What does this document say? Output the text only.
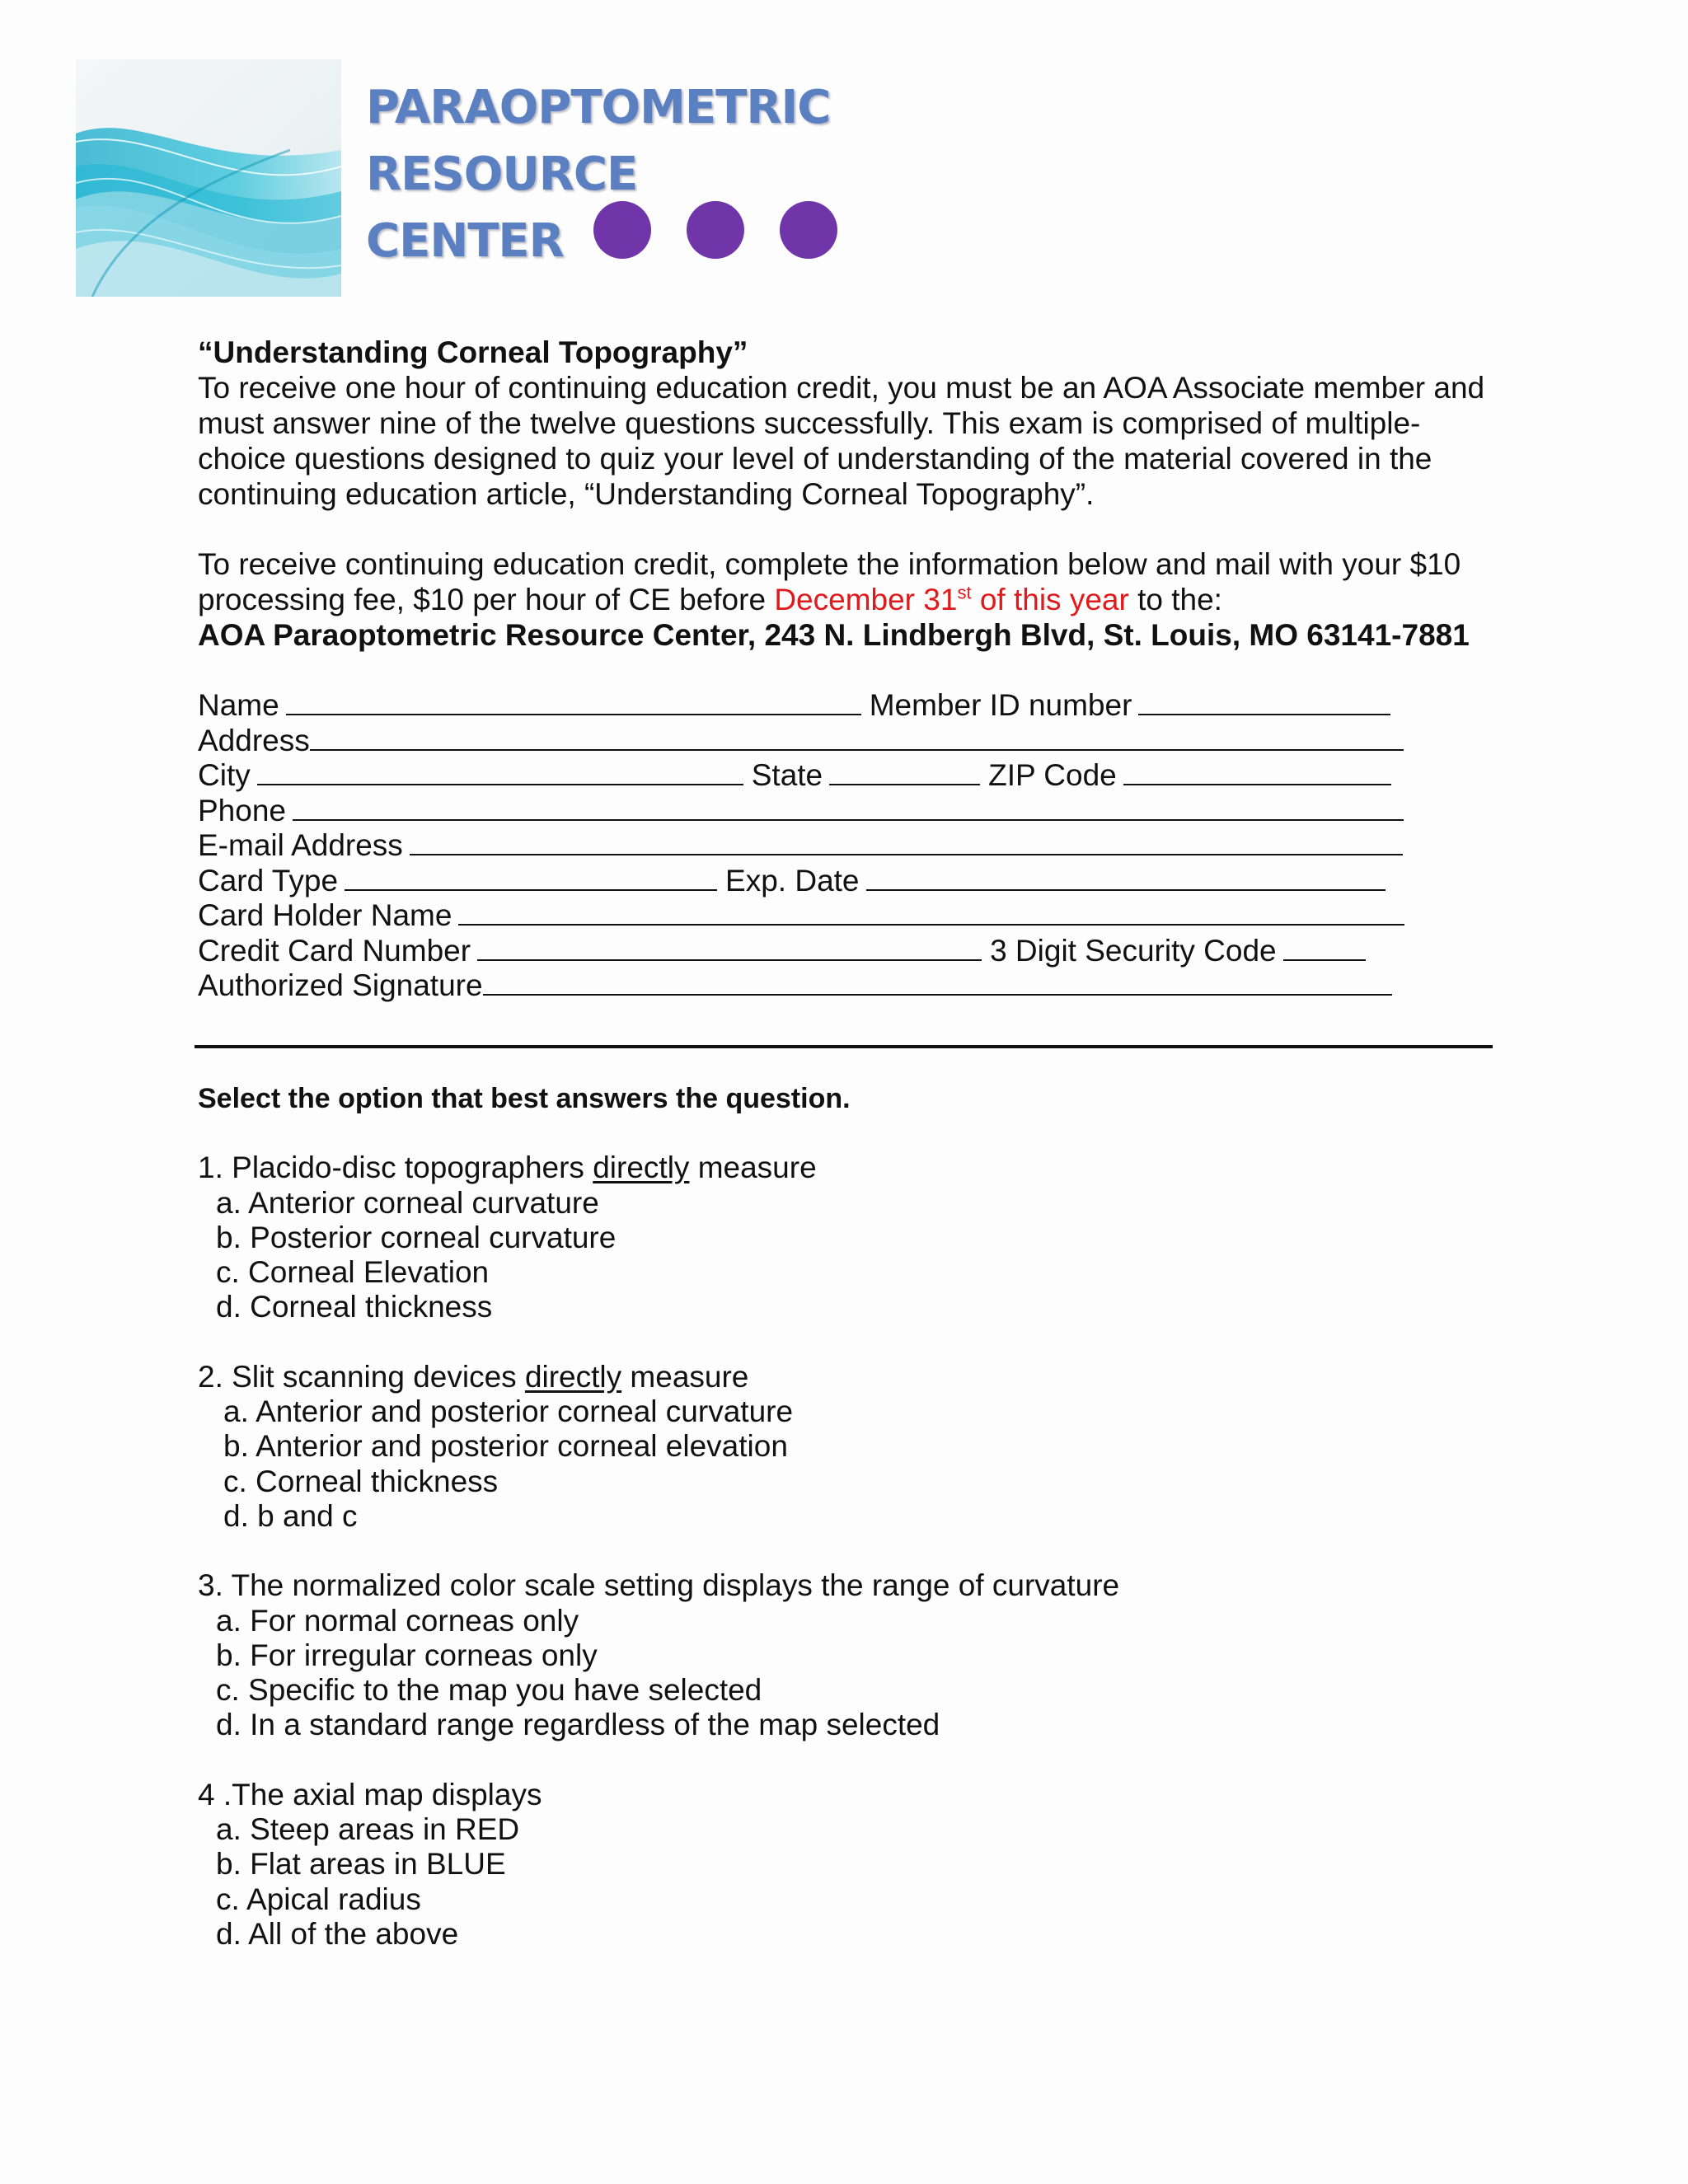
PARAOPTOMETRIC
RESOURCE
CENTER

“Understanding Corneal Topography”

To receive one hour of continuing education credit, you must be an AOA Associate member and must answer nine of the twelve questions successfully. This exam is comprised of multiple-choice questions designed to quiz your level of understanding of the material covered in the continuing education article, “Understanding Corneal Topography”.

To receive continuing education credit, complete the information below and mail with your $10 processing fee, $10 per hour of CE before December 31st of this year to the:

AOA Paraoptometric Resource Center, 243 N. Lindbergh Blvd, St. Louis, MO 63141-7881

Name	Member ID number
Address
City	State	ZIP Code
Phone
E-mail Address
Card Type	Exp. Date
Card Holder Name
Credit Card Number	3 Digit Security Code
Authorized Signature

Select the option that best answers the question.

1. Placido-disc topographers directly measure

a. Anterior corneal curvature

b. Posterior corneal curvature

c. Corneal Elevation

d. Corneal thickness

2. Slit scanning devices directly measure

a. Anterior and posterior corneal curvature

b. Anterior and posterior corneal elevation

c. Corneal thickness

d. b and c

3. The normalized color scale setting displays the range of curvature

a. For normal corneas only

b. For irregular corneas only

c. Specific to the map you have selected

d. In a standard range regardless of the map selected

4 .The axial map displays

a. Steep areas in RED

b. Flat areas in BLUE

c. Apical radius

d. All of the above
